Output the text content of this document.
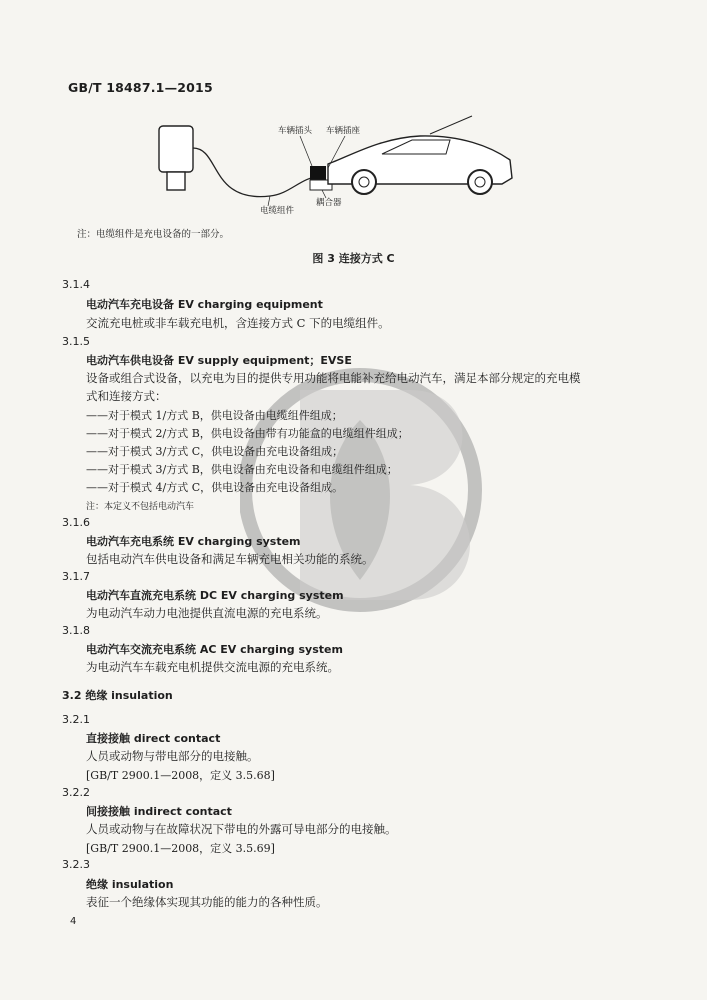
GB/T 18487.1—2015
车辆插头 车辆插座
电缆组件
耦合器
注：电缆组件是充电设备的一部分。
图 3 连接方式 C
3.1.4
电动汽车充电设备 EV charging equipment
交流充电桩或非车载充电机，含连接方式 C 下的电缆组件。
3.1.5
电动汽车供电设备 EV supply equipment；EVSE
设备或组合式设备，以充电为目的提供专用功能将电能补充给电动汽车，满足本部分规定的充电模
式和连接方式：
——对于模式 1/方式 B，供电设备由电缆组件组成；
——对于模式 2/方式 B，供电设备由带有功能盒的电缆组件组成；
——对于模式 3/方式 C，供电设备由充电设备组成；
——对于模式 3/方式 B，供电设备由充电设备和电缆组件组成；
——对于模式 4/方式 C，供电设备由充电设备组成。
注：本定义不包括电动汽车
3.1.6
电动汽车充电系统 EV charging system
包括电动汽车供电设备和满足车辆充电相关功能的系统。
3.1.7
电动汽车直流充电系统 DC EV charging system
为电动汽车动力电池提供直流电源的充电系统。
3.1.8
电动汽车交流充电系统 AC EV charging system
为电动汽车车载充电机提供交流电源的充电系统。
3.2 绝缘 insulation
3.2.1
直接接触 direct contact
人员或动物与带电部分的电接触。
[GB/T 2900.1—2008，定义 3.5.68]
3.2.2
间接接触 indirect contact
人员或动物与在故障状况下带电的外露可导电部分的电接触。
[GB/T 2900.1—2008，定义 3.5.69]
3.2.3
绝缘 insulation
表征一个绝缘体实现其功能的能力的各种性质。
4
